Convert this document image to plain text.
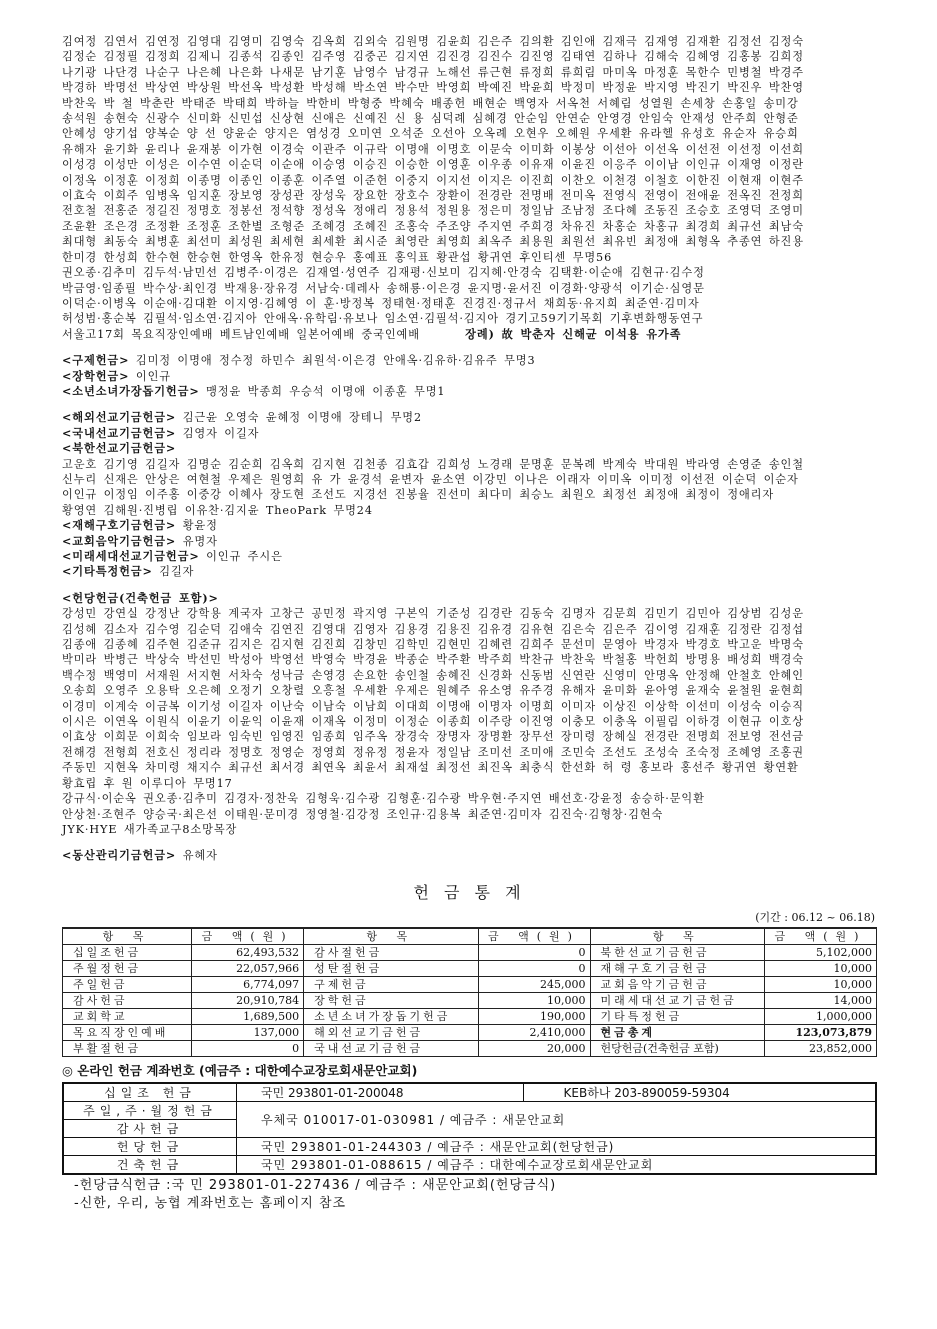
김여정 김연서 김연정 김영대 김영미 김영숙 김옥희 김외숙 김원명 김윤희 김은주 김의환 김인애 김재극 김재영 김재환 김정선 김정숙

김정순 김정필 김정희 김제니 김종석 김종인 김주영 김중곤 김지연 김진경 김진수 김진영 김태연 김하나 김해숙 김혜영 김홍봉 김희정

나기광 나단경 나순구 나은혜 나은화 나새문 남기훈 남영수 남경규 노해선 류근현 류정희 류희림 마미옥 마정훈 목한수 민병철 박경주

박경하 박명선 박상연 박상원 박선옥 박성환 박성해 박소연 박수만 박영희 박예진 박윤희 박정미 박정윤 박지영 박진기 박진우 박찬영

박찬욱 박 철 박춘란 박태준 박태희 박하늘 박한비 박형중 박혜숙 배종헌 배현순 백영자 서옥천 서혜림 성열원 손세창 손홍일 송미강

송석원 송현숙 신광수 신미화 신민섭 신상현 신애은 신예진 신 용 심덕례 심혜경 안순임 안연순 안영경 안임숙 안재성 안주희 안형준

안혜성 양기섭 양복순 양 선 양윤순 양지은 염성경 오미연 오석준 오선아 오옥례 오현우 오혜원 우세환 유라헬 유성호 유순자 유승희

유해자 윤기화 윤리나 윤재봉 이가현 이경숙 이관주 이규락 이명애 이명호 이문숙 이미화 이봉상 이선아 이선옥 이선전 이선정 이선희

이성경 이성만 이성은 이수연 이순덕 이순애 이승영 이승진 이승한 이영훈 이우종 이유재 이윤진 이응주 이이남 이인규 이재영 이정란

이정옥 이정훈 이정희 이종명 이종인 이종훈 이주열 이준헌 이중지 이지선 이지은 이진희 이찬오 이천경 이철호 이한진 이현재 이현주

이효숙 이희주 임병옥 임지훈 장보영 장성관 장성욱 장요한 장호수 장환이 전경란 전명배 전미옥 전영식 전영이 전애윤 전옥진 전정희

전호철 전홍준 정길진 정명호 정봉선 정석향 정성옥 정애리 정용석 정원용 정은미 정일남 조남정 조다혜 조동진 조승호 조영덕 조영미

조윤환 조은경 조정환 조정훈 조한별 조형준 조혜경 조혜진 조홍숙 주조양 주지연 주희경 차유진 차홍순 차홍규 최경희 최규선 최남숙

최대형 최동숙 최병훈 최선미 최성원 최세현 최세환 최시준 최영란 최영희 최옥주 최용원 최원선 최유빈 최정애 최형옥 추종연 하진용

한미경 한성희 한수현 한승현 한영옥 한유정 현승우 홍예표 홍익표 황관섭 황귀연 후인티센 무명56

권오종·김추미 김두석·남민선 김병주·이경은 김재열·성연주 김재평·신보미 김지혜·안경숙 김택환·이순애 김현규·김수정

박금영·임종필 박수상·최인경 박재용·장유경 서남숙·데레사 송해룡·이은경 윤지명·윤서진 이경화·양광석 이기순·심영문

이덕순·이병옥 이순애·김대환 이지영·김혜영 이 훈·방정복 정태현·정태훈 진경진·정규서 채희동·유지희 최준연·김미자

허성범·홍순복 김필석·임소연·김지아 안애옥·유학림·유보나 임소연·김필석·김지아 경기고59기기목회 기후변화행동연구

서울고17회 목요직장인예배 베트남인예배 일본어예배 중국인예배	장례) 故 박춘자 신해균 이석용 유가족

<구제헌금> 김미정 이명애 정수정 하민수 최원석·이은경 안애옥·김유하·김유주 무명3

<장학헌금> 이인규

<소년소녀가장돕기헌금> 맹정윤 박종희 우승석 이명애 이종훈 무명1

<해외선교기금헌금> 김근윤 오영숙 윤혜정 이명애 장테니 무명2

<국내선교기금헌금> 김영자 이길자

<북한선교기금헌금>

고운호 김기영 김길자 김명순 김순희 김옥희 김지현 김천종 김효갑 김희성 노경래 문명훈 문복례 박계숙 박대원 박라영 손영준 송인철

신누리 신재은 안상은 여현철 우제은 원영희 유 가 윤경석 윤변자 윤소연 이강민 이나은 이래자 이미옥 이미정 이선전 이순덕 이순자

이인규 이정임 이주홍 이중강 이혜사 장도현 조선도 지경선 진봉율 진선미 최다미 최승노 최원오 최정선 최정애 최정이 정애리자

황영연 김해원·진병립 이유찬·김지윤 TheoPark 무명24

<재해구호기금헌금> 황윤정

<교회음악기금헌금> 유명자

<미래세대선교기금헌금> 이인규 주시은

<기타특정헌금> 김길자

<헌당헌금(건축헌금 포함)>

강성민 강연실 강정난 강학용 계국자 고창근 공민정 곽지영 구본익 기준성 김경란 김동숙 김명자 김문희 김민기 김민아 김상범 김성운

김성혜 김소자 김수영 김순덕 김애숙 김연진 김영대 김영자 김용경 김용진 김유경 김유현 김은숙 김은주 김이영 김재훈 김정란 김정섭

김종애 김종혜 김주현 김준규 김지은 김지현 김진희 김창민 김학민 김현민 김혜련 김희주 문선미 문영아 박경자 박경호 박고운 박명숙

박미라 박병근 박상숙 박선민 박성아 박영선 박영숙 박경윤 박종순 박주환 박주희 박찬규 박찬욱 박철홍 박헌희 방명용 배성희 백경숙

백수정 백영미 서재원 서지현 서차숙 성낙금 손영경 손요한 송인철 송혜진 신경화 신동범 신연란 신영미 안명옥 안정해 안철호 안혜인

오송희 오영주 오용탁 오은혜 오정기 오창렬 오흥철 우세환 우제은 원혜주 유소영 유주경 유해자 윤미화 윤아영 윤재숙 윤철원 윤현희

이경미 이계숙 이금복 이기성 이길자 이난숙 이남숙 이남희 이대희 이명애 이명자 이명희 이미자 이상진 이상학 이선미 이성숙 이승직

이시은 이연옥 이원식 이윤기 이윤익 이윤재 이재옥 이정미 이정순 이종희 이주랑 이진영 이충모 이충옥 이필림 이하경 이현규 이호상

이효상 이희문 이희숙 임보라 임숙빈 임영진 임종희 임주옥 장경숙 장명자 장명환 장무선 장미령 장혜실 전경란 전명희 전보영 전선금

전해경 전형희 전호신 정리라 정명호 정영순 정영희 정유정 정윤자 정일남 조미선 조미애 조민숙 조선도 조성숙 조숙정 조혜영 조홍권

주동민 지현옥 차미령 채지수 최규선 최서경 최연옥 최윤서 최재설 최정선 최진옥 최충식 한선화 허 령 홍보라 홍선주 황귀연 황연환

황효립 후 원 이루디아 무명17

강규식·이순옥 권오종·김추미 김경자·정찬욱 김형욱·김수광 김형훈·김수광 박우현·주지연 배선호·강윤정 송승하·문익환

안상천·조현주 양승국·최은선 이태원·문미경 정영철·김강정 조인규·김용복 최준연·김미자 김진숙·김형창·김현숙

JYK·HYE 새가족교구8소망목장

<동산관리기금헌금> 유혜자

헌 금 통 계
(기간 : 06.12 ~ 06.18)
항 목	금 액(원)	항 목	금 액(원)	항 목	금 액(원)
십일조헌금	62,493,532	감사절헌금	0	북한선교기금헌금	5,102,000
주월정헌금	22,057,966	성탄절헌금	0	재해구호기금헌금	10,000
주일헌금	6,774,097	구제헌금	245,000	교회음악기금헌금	10,000
감사헌금	20,910,784	장학헌금	10,000	미래세대선교기금헌금	14,000
교회학교	1,689,500	소년소녀가장돕기헌금	190,000	기타특정헌금	1,000,000
목요직장인예배	137,000	해외선교기금헌금	2,410,000	현금총계	123,073,879
부활절헌금	0	국내선교기금헌금	20,000	헌당헌금(건축헌금 포함)	23,852,000
◎ 온라인 헌금 계좌번호 (예금주 : 대한예수교장로회새문안교회)
십일조 헌금	국민 293801-01-200048	KEB하나 203-890059-59304
주일,주·월정헌금	우체국 010017-01-030981 / 예금주 : 새문안교회	
감사헌금		
헌당헌금	국민 293801-01-244303 / 예금주 : 새문안교회(헌당헌금)	
건축헌금	국민 293801-01-088615 / 예금주 : 대한예수교장로회새문안교회	
-헌당금식헌금 :국 민 293801-01-227436 / 예금주 : 새문안교회(헌당금식)
-신한, 우리, 농협 계좌번호는 홈페이지 참조
